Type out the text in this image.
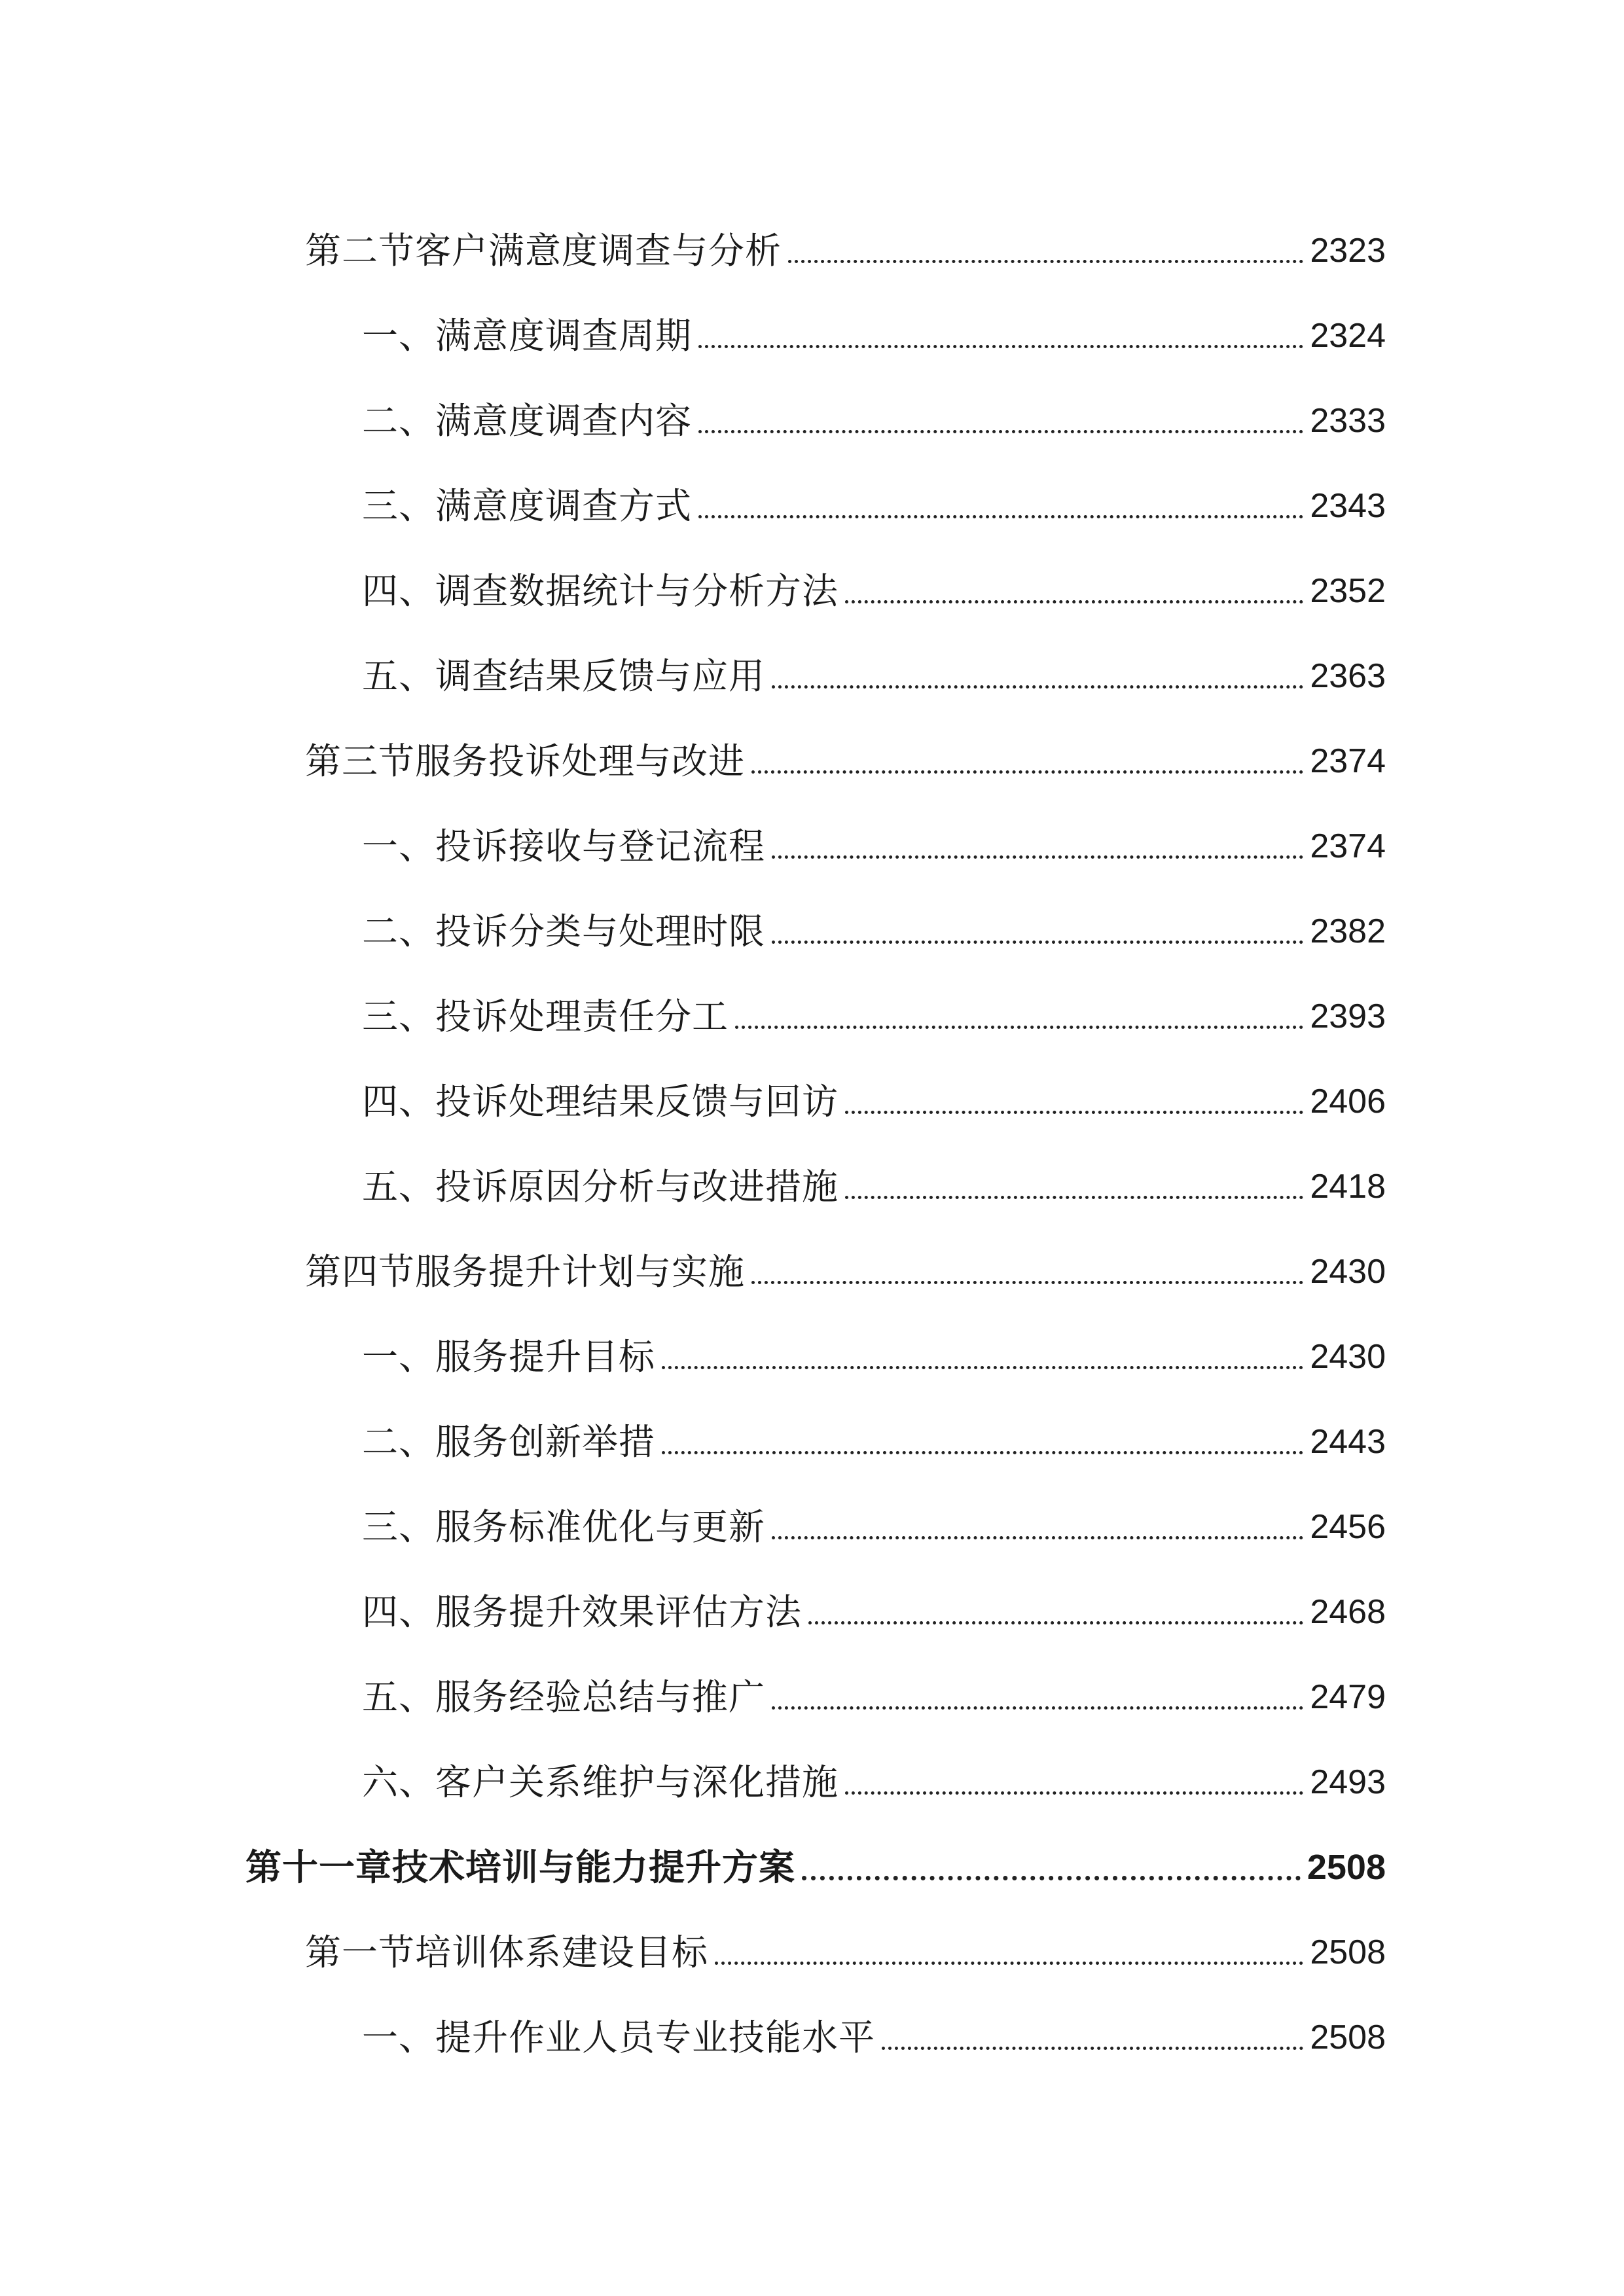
第二节客户满意度调查与分析	2323
一、满意度调查周期	2324
二、满意度调查内容	2333
三、满意度调查方式	2343
四、调查数据统计与分析方法	2352
五、调查结果反馈与应用	2363
第三节服务投诉处理与改进	2374
一、投诉接收与登记流程	2374
二、投诉分类与处理时限	2382
三、投诉处理责任分工	2393
四、投诉处理结果反馈与回访	2406
五、投诉原因分析与改进措施	2418
第四节服务提升计划与实施	2430
一、服务提升目标	2430
二、服务创新举措	2443
三、服务标准优化与更新	2456
四、服务提升效果评估方法	2468
五、服务经验总结与推广	2479
六、客户关系维护与深化措施	2493
第十一章技术培训与能力提升方案	2508
第一节培训体系建设目标	2508
一、提升作业人员专业技能水平	2508
